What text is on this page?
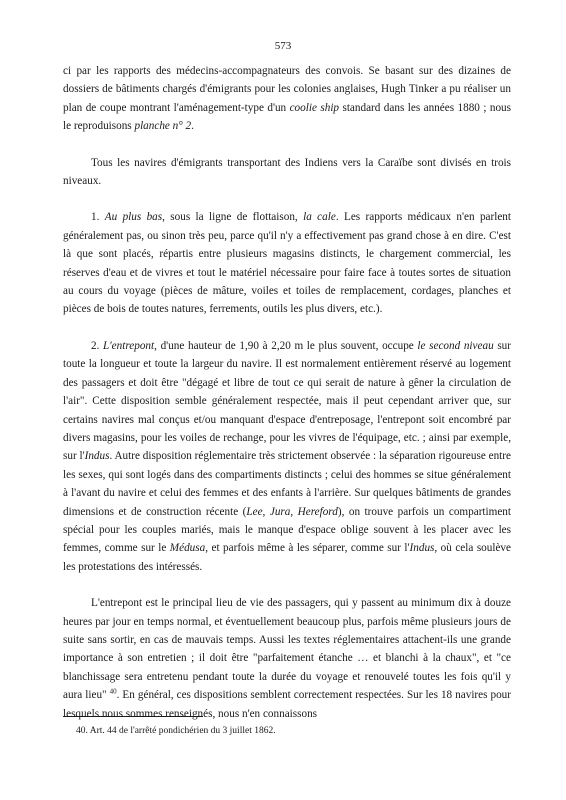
573

ci par les rapports des médecins-accompagnateurs des convois. Se basant sur des dizaines de dossiers de bâtiments chargés d'émigrants pour les colonies anglaises, Hugh Tinker a pu réaliser un plan de coupe montrant l'aménagement-type d'un coolie ship standard dans les années 1880 ; nous le reproduisons planche n° 2.

Tous les navires d'émigrants transportant des Indiens vers la Caraïbe sont divisés en trois niveaux.

1. Au plus bas, sous la ligne de flottaison, la cale. Les rapports médicaux n'en parlent généralement pas, ou sinon très peu, parce qu'il n'y a effectivement pas grand chose à en dire. C'est là que sont placés, répartis entre plusieurs magasins distincts, le chargement commercial, les réserves d'eau et de vivres et tout le matériel nécessaire pour faire face à toutes sortes de situation au cours du voyage (pièces de mâture, voiles et toiles de remplacement, cordages, planches et pièces de bois de toutes natures, ferrements, outils les plus divers, etc.).

2. L'entrepont, d'une hauteur de 1,90 à 2,20 m le plus souvent, occupe le second niveau sur toute la longueur et toute la largeur du navire. Il est normalement entièrement réservé au logement des passagers et doit être "dégagé et libre de tout ce qui serait de nature à gêner la circulation de l'air". Cette disposition semble généralement respectée, mais il peut cependant arriver que, sur certains navires mal conçus et/ou manquant d'espace d'entreposage, l'entrepont soit encombré par divers magasins, pour les voiles de rechange, pour les vivres de l'équipage, etc. ; ainsi par exemple, sur l'Indus. Autre disposition réglementaire très strictement observée : la séparation rigoureuse entre les sexes, qui sont logés dans des compartiments distincts ; celui des hommes se situe généralement à l'avant du navire et celui des femmes et des enfants à l'arrière. Sur quelques bâtiments de grandes dimensions et de construction récente (Lee, Jura, Hereford), on trouve parfois un compartiment spécial pour les couples mariés, mais le manque d'espace oblige souvent à les placer avec les femmes, comme sur le Médusa, et parfois même à les séparer, comme sur l'Indus, où cela soulève les protestations des intéressés.

L'entrepont est le principal lieu de vie des passagers, qui y passent au minimum dix à douze heures par jour en temps normal, et éventuellement beaucoup plus, parfois même plusieurs jours de suite sans sortir, en cas de mauvais temps. Aussi les textes réglementaires attachent-ils une grande importance à son entretien ; il doit être "parfaitement étanche … et blanchi à la chaux", et "ce blanchissage sera entretenu pendant toute la durée du voyage et renouvelé toutes les fois qu'il y aura lieu" $^{40}$. En général, ces dispositions semblent correctement respectées. Sur les 18 navires pour lesquels nous sommes renseignés, nous n'en connaissons

40. Art. 44 de l'arrêté pondichérien du 3 juillet 1862.
